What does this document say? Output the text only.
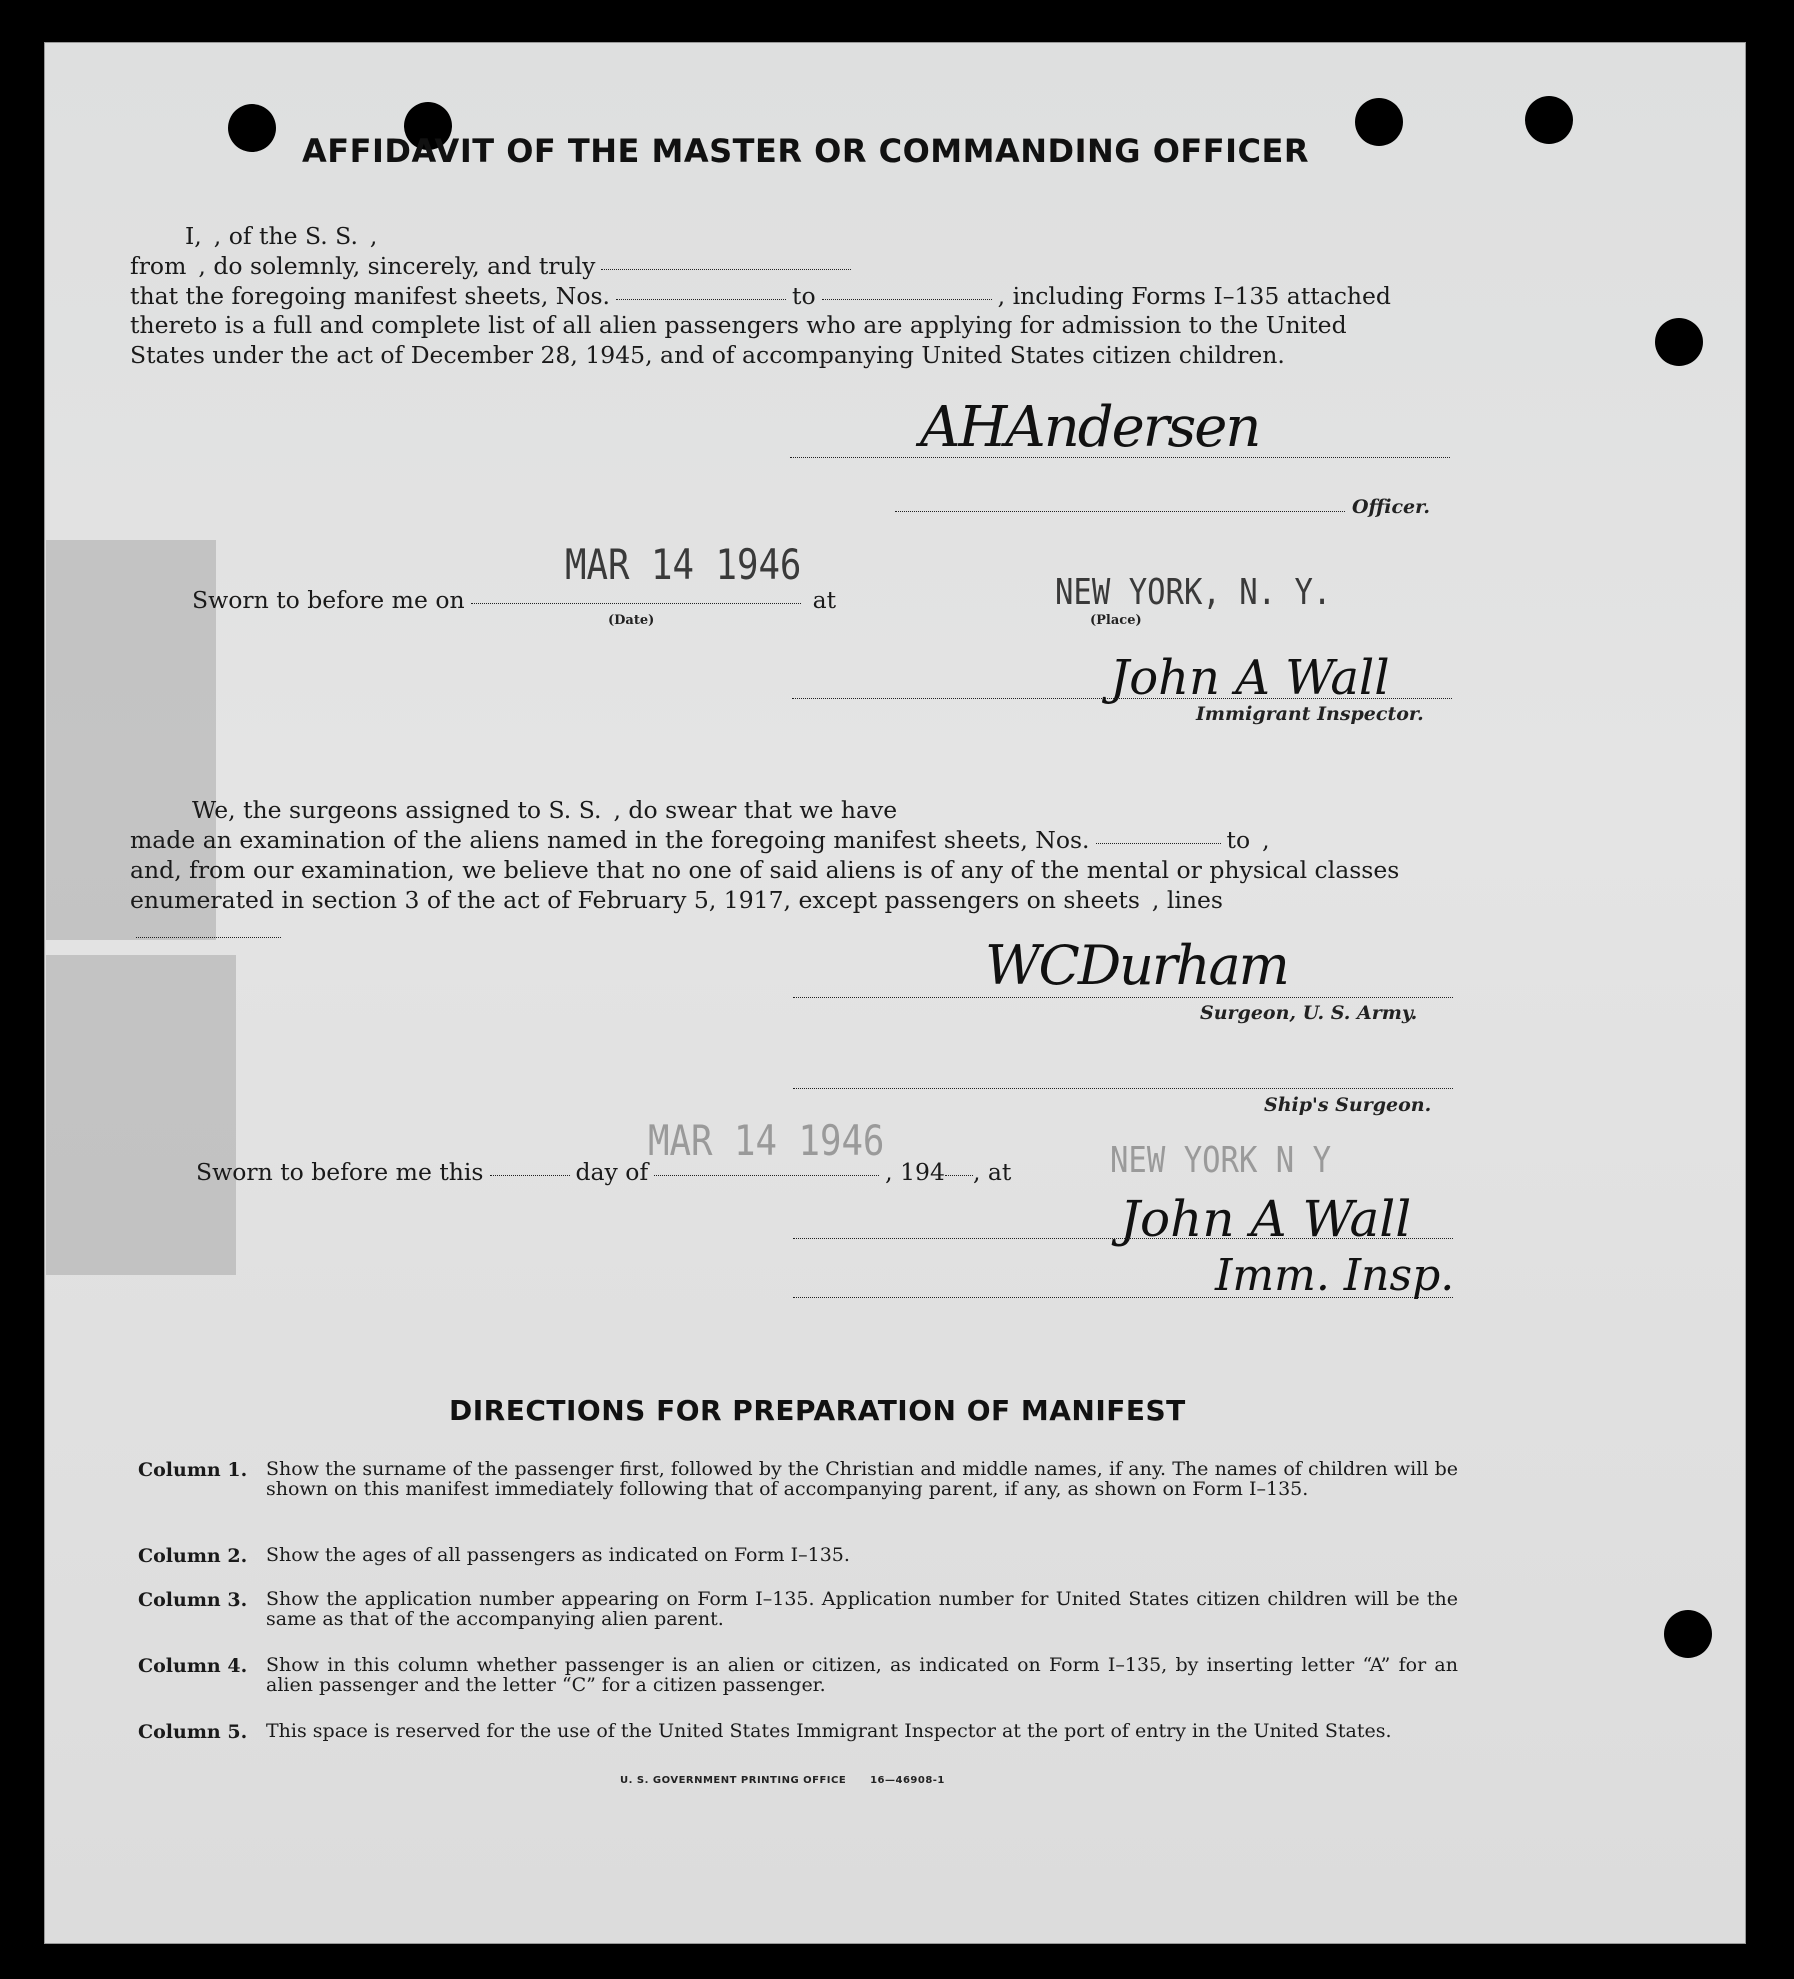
AFFIDAVIT OF THE MASTER OR COMMANDING OFFICER
I, , of the S. S. ,
from , do solemnly, sincerely, and truly
that the foregoing manifest sheets, Nos.	to	, including Forms I–135 attached
thereto is a full and complete list of all alien passengers who are applying for admission to the United
States under the act of December 28, 1945, and of accompanying United States citizen children.
AHAndersen
Officer.
Sworn to before me on	at
MAR 14 1946
(Date)
NEW YORK, N. Y.
(Place)
John A Wall
Immigrant Inspector.
We, the surgeons assigned to S. S. , do swear that we have
made an examination of the aliens named in the foregoing manifest sheets, Nos.	to ,
and, from our examination, we believe that no one of said aliens is of any of the mental or physical classes
enumerated in section 3 of the act of February 5, 1917, except passengers on sheets , lines
WCDurham
Surgeon, U. S. Army.
Ship's Surgeon.
Sworn to before me this	day of	, 194 , at
MAR 14 1946	NEW YORK N Y
John A Wall
Imm. Insp.
DIRECTIONS FOR PREPARATION OF MANIFEST
Column 1. Show the surname of the passenger first, followed by the Christian and middle names, if any. The names of children will be shown on this manifest immediately following that of accompanying parent, if any, as shown on Form I–135.
Column 2. Show the ages of all passengers as indicated on Form I–135.
Column 3. Show the application number appearing on Form I–135. Application number for United States citizen children will be the same as that of the accompanying alien parent.
Column 4. Show in this column whether passenger is an alien or citizen, as indicated on Form I–135, by inserting letter “A” for an alien passenger and the letter “C” for a citizen passenger.
Column 5. This space is reserved for the use of the United States Immigrant Inspector at the port of entry in the United States.
U. S. GOVERNMENT PRINTING OFFICE      16—46908-1
